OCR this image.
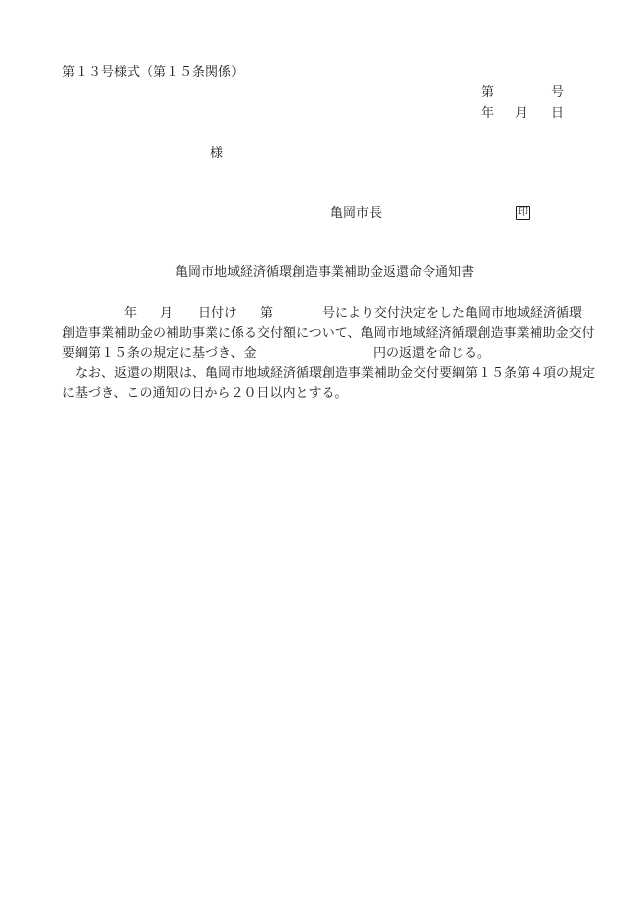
第１３号様式（第１５条関係）
第	号
年 月 日
様
亀岡市長	印
亀岡市地域経済循環創造事業補助金返還命令通知書
年 月 日付け 第	号により交付決定をした亀岡市地域経済循環
創造事業補助金の補助事業に係る交付額について、亀岡市地域経済循環創造事業補助金交付
要綱第１５条の規定に基づき、金	円の返還を命じる。
なお、返還の期限は、亀岡市地域経済循環創造事業補助金交付要綱第１５条第４項の規定
に基づき、この通知の日から２０日以内とする。
